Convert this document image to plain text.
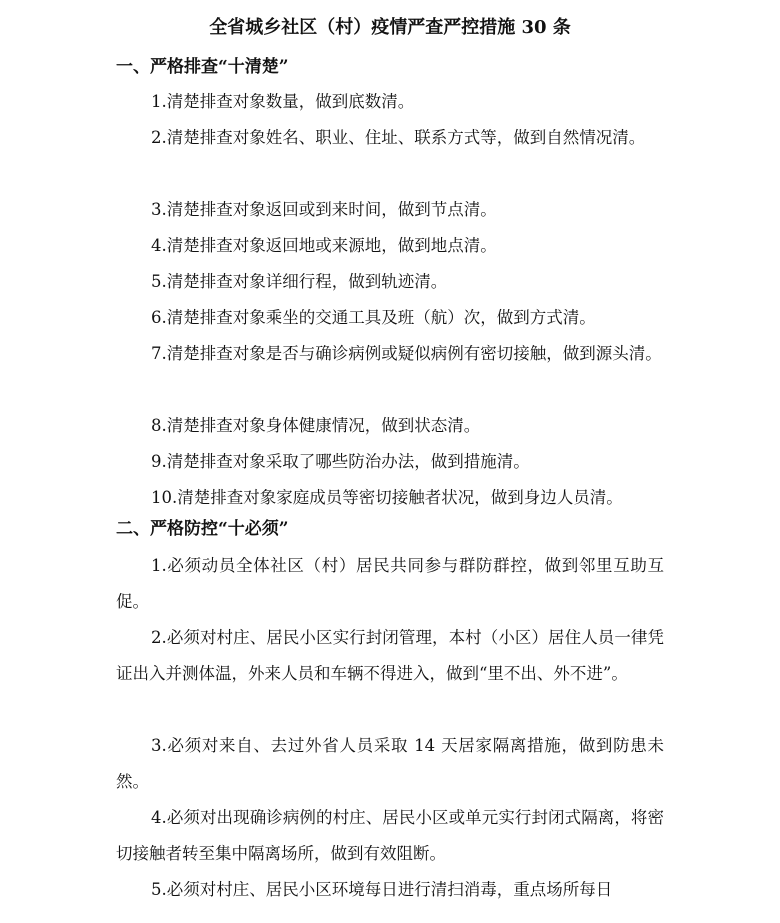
全省城乡社区（村）疫情严查严控措施 30 条
一、严格排查“十清楚”
1.清楚排查对象数量，做到底数清。
2.清楚排查对象姓名、职业、住址、联系方式等，做到自然情况清。
3.清楚排查对象返回或到来时间，做到节点清。
4.清楚排查对象返回地或来源地，做到地点清。
5.清楚排查对象详细行程，做到轨迹清。
6.清楚排查对象乘坐的交通工具及班（航）次，做到方式清。
7.清楚排查对象是否与确诊病例或疑似病例有密切接触，做到源头清。
8.清楚排查对象身体健康情况，做到状态清。
9.清楚排查对象采取了哪些防治办法，做到措施清。
10.清楚排查对象家庭成员等密切接触者状况，做到身边人员清。
二、严格防控“十必须”
1.必须动员全体社区（村）居民共同参与群防群控，做到邻里互助互促。
2.必须对村庄、居民小区实行封闭管理，本村（小区）居住人员一律凭证出入并测体温，外来人员和车辆不得进入，做到“里不出、外不进”。
3.必须对来自、去过外省人员采取 14 天居家隔离措施，做到防患未然。
4.必须对出现确诊病例的村庄、居民小区或单元实行封闭式隔离，将密切接触者转至集中隔离场所，做到有效阻断。
5.必须对村庄、居民小区环境每日进行清扫消毒，重点场所每日
